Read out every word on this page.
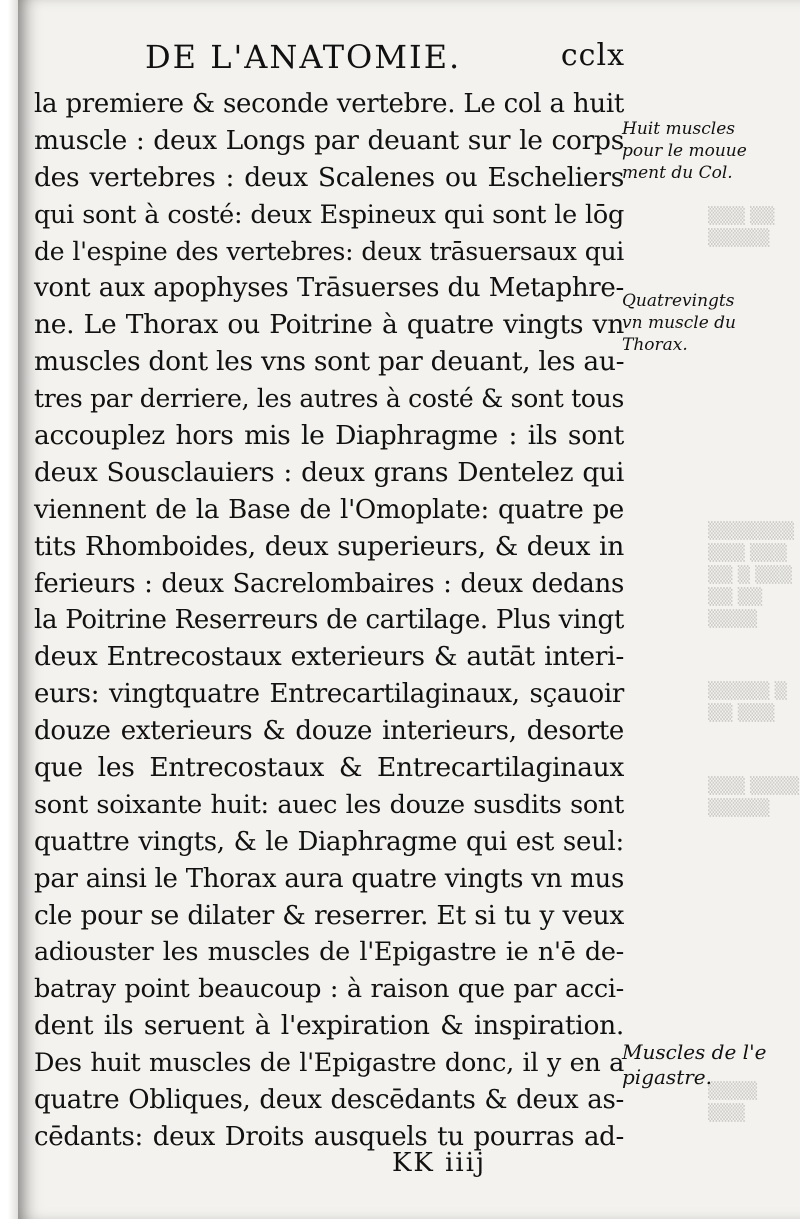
▒▒▒ ▒▒
▒▒▒▒▒
▒▒▒▒▒▒▒
▒▒▒ ▒▒▒
▒▒ ▒ ▒▒▒
▒▒ ▒▒ ▒▒▒▒
▒▒▒▒▒ ▒
▒▒ ▒▒▒
▒▒▒ ▒▒▒▒
▒▒▒▒▒
▒▒▒▒
▒▒▒
DE L'ANATOMIE.	cclx
la premiere & seconde vertebre. Le col a huit
muscle : deux Longs par deuant sur le corps
des vertebres : deux Scalenes ou Escheliers
qui sont à costé: deux Espineux qui sont le lōg
de l'espine des vertebres: deux trāsuersaux qui
vont aux apophyses Trāsuerses du Metaphre-
ne. Le Thorax ou Poitrine à quatre vingts vn
muscles dont les vns sont par deuant, les au-
tres par derriere, les autres à costé & sont tous
accouplez hors mis le Diaphragme : ils sont
deux Sousclauiers : deux grans Dentelez qui
viennent de la Base de l'Omoplate: quatre pe
tits Rhomboides, deux superieurs, & deux in
ferieurs : deux Sacrelombaires : deux dedans
la Poitrine Reserreurs de cartilage. Plus vingt
deux Entrecostaux exterieurs & autāt interi-
eurs: vingtquatre Entrecartilaginaux, sçauoir
douze exterieurs & douze interieurs, desorte
que les Entrecostaux & Entrecartilaginaux
sont soixante huit: auec les douze susdits sont
quattre vingts, & le Diaphragme qui est seul:
par ainsi le Thorax aura quatre vingts vn mus
cle pour se dilater & reserrer. Et si tu y veux
adiouster les muscles de l'Epigastre ie n'ē de-
batray point beaucoup : à raison que par acci-
dent ils seruent à l'expiration & inspiration.
Des huit muscles de l'Epigastre donc, il y en a
quatre Obliques, deux descēdants & deux as-
cēdants: deux Droits ausquels tu pourras ad-
Huit muscles
pour le mouue
ment du Col.
Quatrevingts
vn muscle du
Thorax.
Muscles de l'e
pigastre.
KK iiij
